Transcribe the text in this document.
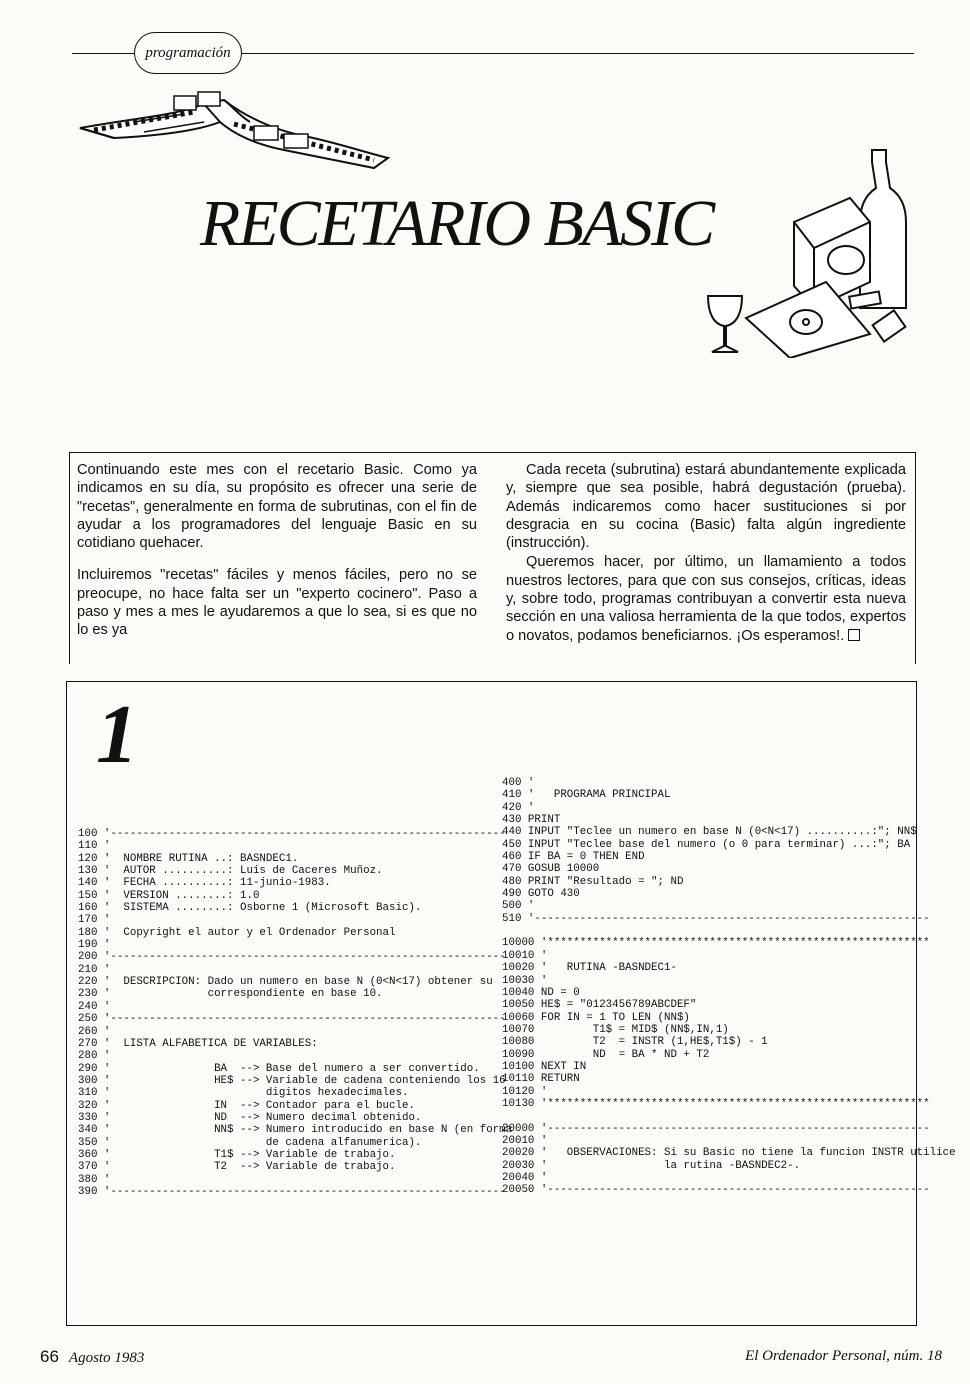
programación
RECETARIO BASIC

Continuando este mes con el recetario Basic. Como ya indicamos en su día, su propósito es ofrecer una serie de "recetas", generalmente en forma de subrutinas, con el fin de ayudar a los programadores del lenguaje Basic en su cotidiano quehacer.

Incluiremos "recetas" fáciles y menos fáciles, pero no se preocupe, no hace falta ser un "experto cocinero". Paso a paso y mes a mes le ayudaremos a que lo sea, si es que no lo es ya

Cada receta (subrutina) estará abundantemente explicada y, siempre que sea posible, habrá degustación (prueba). Además indicaremos como hacer sustituciones si por desgracia en su cocina (Basic) falta algún ingrediente (instrucción).

Queremos hacer, por último, un llamamiento a todos nuestros lectores, para que con sus consejos, críticas, ideas y, sobre todo, programas contribuyan a convertir esta nueva sección en una valiosa herramienta de la que todos, expertos o novatos, podamos beneficiarnos. ¡Os esperamos!.

1
100 '-------------------------------------------------------------
110 '
120 '  NOMBRE RUTINA ..: BASNDEC1.
130 '  AUTOR ..........: Luis de Caceres Muñoz.
140 '  FECHA ..........: 11-junio-1983.
150 '  VERSION ........: 1.0
160 '  SISTEMA ........: Osborne 1 (Microsoft Basic).
170 '
180 '  Copyright el autor y el Ordenador Personal
190 '
200 '-------------------------------------------------------------
210 '
220 '  DESCRIPCION: Dado un numero en base N (0<N<17) obtener su
230 '               correspondiente en base 10.
240 '
250 '-------------------------------------------------------------
260 '
270 '  LISTA ALFABETICA DE VARIABLES:
280 '
290 '                BA  --> Base del numero a ser convertido.
300 '                HE$ --> Variable de cadena conteniendo los 16
310 '                        digitos hexadecimales.
320 '                IN  --> Contador para el bucle.
330 '                ND  --> Numero decimal obtenido.
340 '                NN$ --> Numero introducido en base N (en forma
350 '                        de cadena alfanumerica).
360 '                T1$ --> Variable de trabajo.
370 '                T2  --> Variable de trabajo.
380 '
390 '-------------------------------------------------------------
400 '
410 '   PROGRAMA PRINCIPAL
420 '
430 PRINT
440 INPUT "Teclee un numero en base N (0<N<17) ..........:"; NN$
450 INPUT "Teclee base del numero (o 0 para terminar) ...:"; BA
460 IF BA = 0 THEN END
470 GOSUB 10000
480 PRINT "Resultado = "; ND
490 GOTO 430
500 '
510 '-------------------------------------------------------------

10000 '***********************************************************
10010 '
10020 '   RUTINA -BASNDEC1-
10030 '
10040 ND = 0
10050 HE$ = "0123456789ABCDEF"
10060 FOR IN = 1 TO LEN (NN$)
10070         T1$ = MID$ (NN$,IN,1)
10080         T2  = INSTR (1,HE$,T1$) - 1
10090         ND  = BA * ND + T2
10100 NEXT IN
10110 RETURN
10120 '
10130 '***********************************************************

20000 '-----------------------------------------------------------
20010 '
20020 '   OBSERVACIONES: Si su Basic no tiene la funcion INSTR utilice
20030 '                  la rutina -BASNDEC2-.
20040 '
20050 '-----------------------------------------------------------
66 Agosto 1983	El Ordenador Personal, núm. 18
